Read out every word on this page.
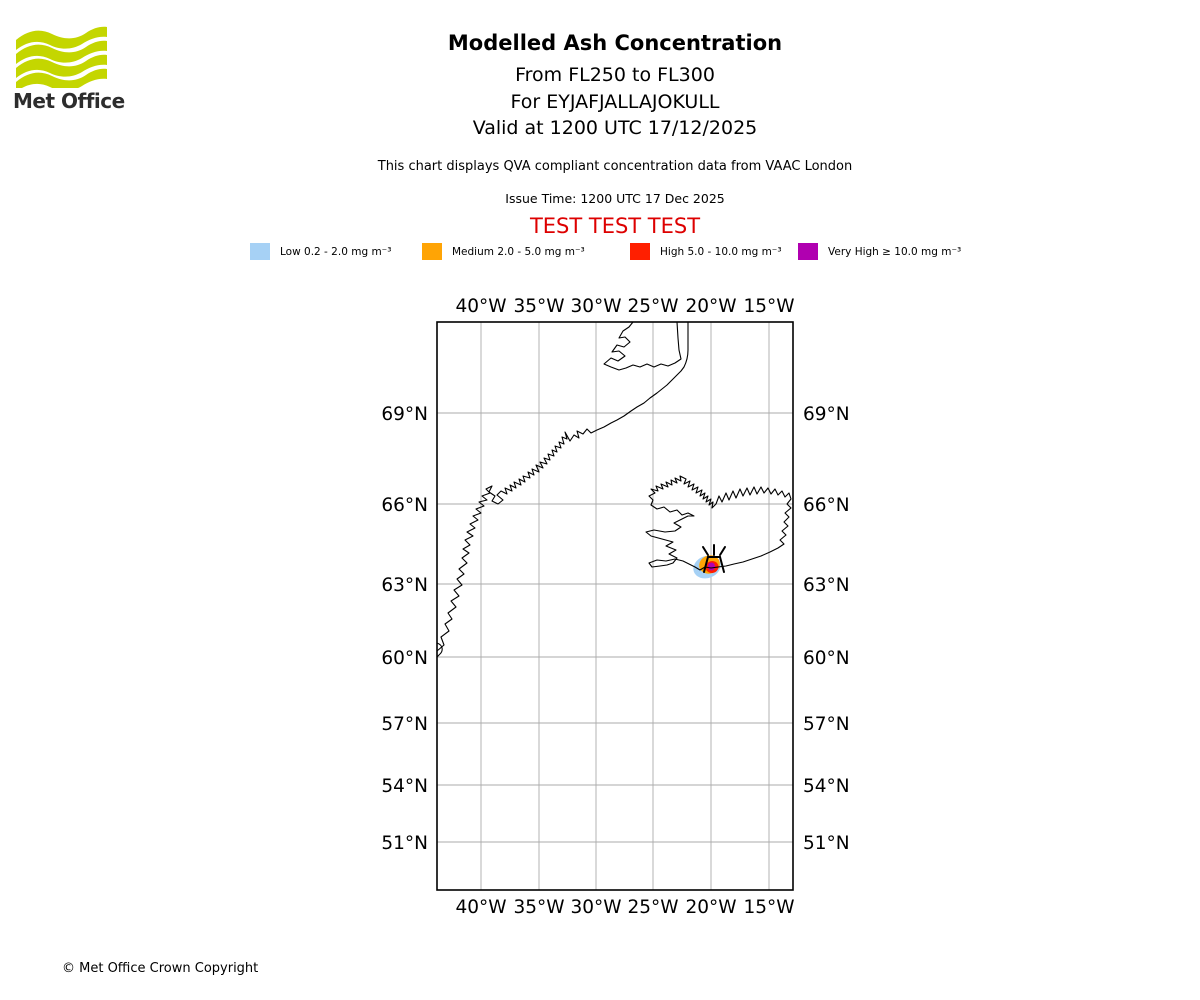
Met Office
Modelled Ash Concentration
From FL250 to FL300
For EYJAFJALLAJOKULL
Valid at 1200 UTC 17/12/2025
This chart displays QVA compliant concentration data from VAAC London
Issue Time: 1200 UTC 17 Dec 2025
TEST TEST TEST
Low 0.2 - 2.0 mg m⁻³	Medium 2.0 - 5.0 mg m⁻³	High 5.0 - 10.0 mg m⁻³	Very High ≥ 10.0 mg m⁻³
40°W 35°W 30°W 25°W 20°W 15°W
40°W 35°W 30°W 25°W 20°W 15°W
69°N
66°N
63°N
60°N
57°N
54°N
51°N
69°N
66°N
63°N
60°N
57°N
54°N
51°N
© Met Office Crown Copyright
